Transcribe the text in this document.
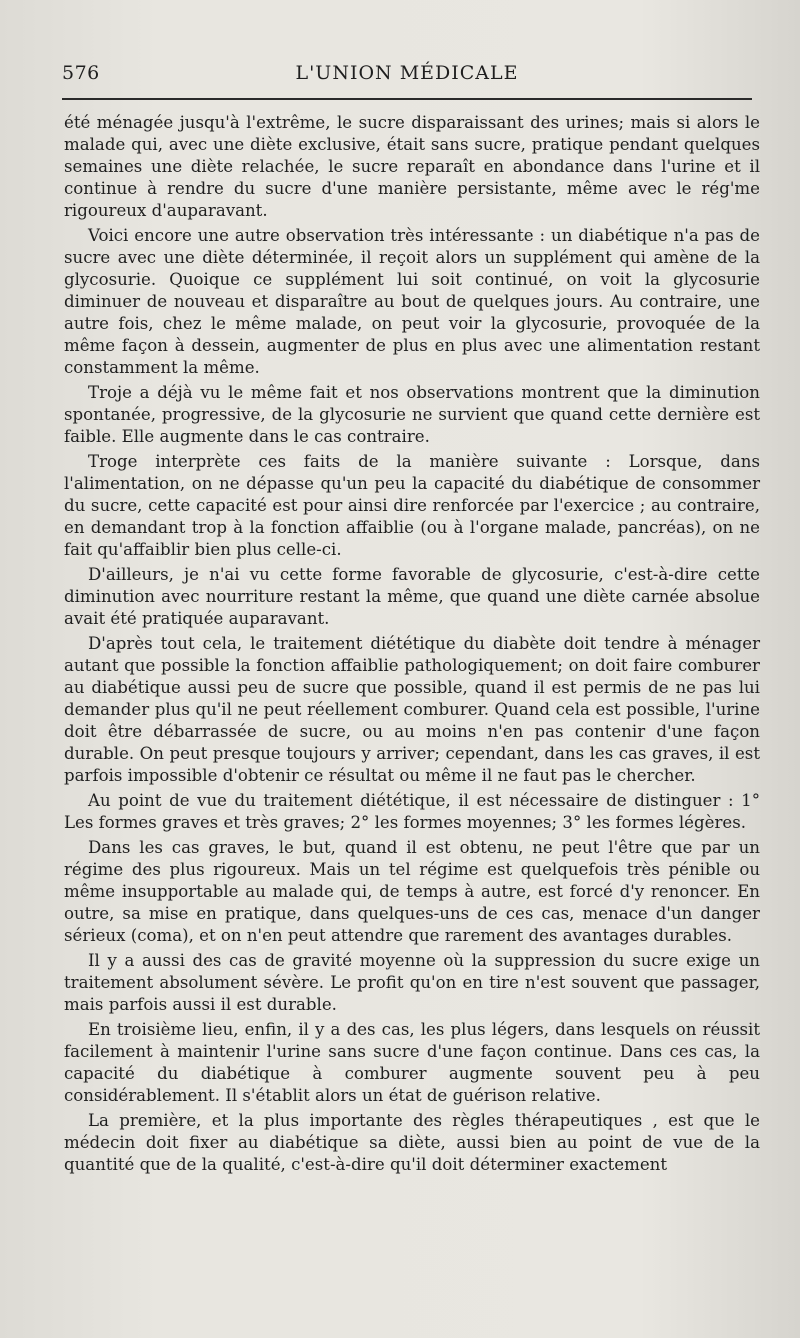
576	L'UNION MÉDICALE

été ménagée jusqu'à l'extrême, le sucre disparaissant des urines; mais si alors le malade qui, avec une diète exclusive, était sans sucre, pratique pendant quelques semaines une diète relachée, le sucre reparaît en abondance dans l'urine et il continue à rendre du sucre d'une manière persistante, même avec le rég'me rigoureux d'auparavant.

Voici encore une autre observation très intéressante : un diabétique n'a pas de sucre avec une diète déterminée, il reçoit alors un supplément qui amène de la glycosurie. Quoique ce supplément lui soit continué, on voit la glycosurie diminuer de nouveau et disparaître au bout de quelques jours. Au contraire, une autre fois, chez le même malade, on peut voir la glycosurie, provoquée de la même façon à dessein, augmenter de plus en plus avec une alimentation restant constamment la même.

Troje a déjà vu le même fait et nos observations montrent que la diminution spontanée, progressive, de la glycosurie ne survient que quand cette dernière est faible. Elle augmente dans le cas contraire.

Troge interprète ces faits de la manière suivante : Lorsque, dans l'alimentation, on ne dépasse qu'un peu la capacité du diabétique de consommer du sucre, cette capacité est pour ainsi dire renforcée par l'exercice ; au contraire, en demandant trop à la fonction affaiblie (ou à l'organe malade, pancréas), on ne fait qu'affaiblir bien plus celle-ci.

D'ailleurs, je n'ai vu cette forme favorable de glycosurie, c'est-à-dire cette diminution avec nourriture restant la même, que quand une diète carnée absolue avait été pratiquée auparavant.

D'après tout cela, le traitement diététique du diabète doit tendre à ménager autant que possible la fonction affaiblie pathologiquement; on doit faire comburer au diabétique aussi peu de sucre que possible, quand il est permis de ne pas lui demander plus qu'il ne peut réellement comburer. Quand cela est possible, l'urine doit être débarrassée de sucre, ou au moins n'en pas contenir d'une façon durable. On peut presque toujours y arriver; cependant, dans les cas graves, il est parfois impossible d'obtenir ce résultat ou même il ne faut pas le chercher.

Au point de vue du traitement diététique, il est nécessaire de distinguer : 1° Les formes graves et très graves; 2° les formes moyennes; 3° les formes légères.

Dans les cas graves, le but, quand il est obtenu, ne peut l'être que par un régime des plus rigoureux. Mais un tel régime est quelquefois très pénible ou même insupportable au malade qui, de temps à autre, est forcé d'y renoncer. En outre, sa mise en pratique, dans quelques-uns de ces cas, menace d'un danger sérieux (coma), et on n'en peut attendre que rarement des avantages durables.

Il y a aussi des cas de gravité moyenne où la suppression du sucre exige un traitement absolument sévère. Le profit qu'on en tire n'est souvent que passager, mais parfois aussi il est durable.

En troisième lieu, enfin, il y a des cas, les plus légers, dans lesquels on réussit facilement à maintenir l'urine sans sucre d'une façon continue. Dans ces cas, la capacité du diabétique à comburer augmente souvent peu à peu considérablement. Il s'établit alors un état de guérison relative.

La première, et la plus importante des règles thérapeutiques , est que le médecin doit fixer au diabétique sa diète, aussi bien au point de vue de la quantité que de la qualité, c'est-à-dire qu'il doit déterminer exactement
